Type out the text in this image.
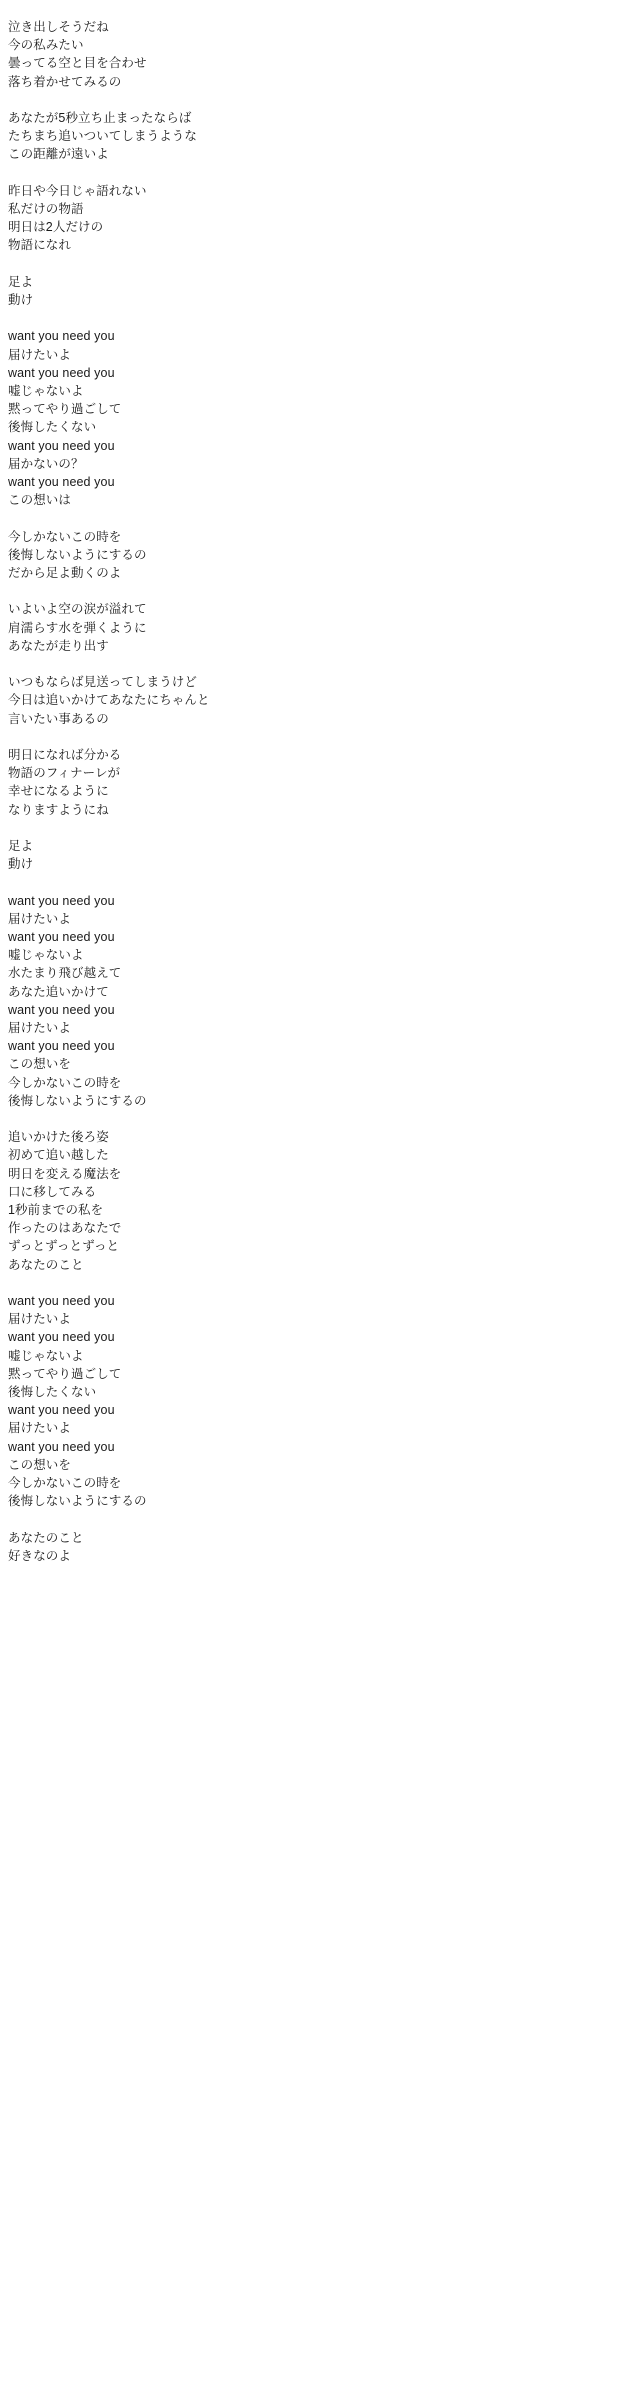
泣き出しそうだね
今の私みたい
曇ってる空と目を合わせ
落ち着かせてみるの
あなたが5秒立ち止まったならば
たちまち追いついてしまうような
この距離が遠いよ
昨日や今日じゃ語れない
私だけの物語
明日は2人だけの
物語になれ
足よ
動け
want you need you
届けたいよ
want you need you
嘘じゃないよ
黙ってやり過ごして
後悔したくない
want you need you
届かないの？
want you need you
この想いは
今しかないこの時を
後悔しないようにするの
だから足よ動くのよ
いよいよ空の涙が溢れて
肩濡らす水を弾くように
あなたが走り出す
いつもならば見送ってしまうけど
今日は追いかけてあなたにちゃんと
言いたい事あるの
明日になれば分かる
物語のフィナーレが
幸せになるように
なりますようにね
足よ
動け
want you need you
届けたいよ
want you need you
嘘じゃないよ
水たまり飛び越えて
あなた追いかけて
want you need you
届けたいよ
want you need you
この想いを
今しかないこの時を
後悔しないようにするの
追いかけた後ろ姿
初めて追い越した
明日を変える魔法を
口に移してみる
1秒前までの私を
作ったのはあなたで
ずっとずっとずっと
あなたのこと
want you need you
届けたいよ
want you need you
嘘じゃないよ
黙ってやり過ごして
後悔したくない
want you need you
届けたいよ
want you need you
この想いを
今しかないこの時を
後悔しないようにするの
あなたのこと
好きなのよ
